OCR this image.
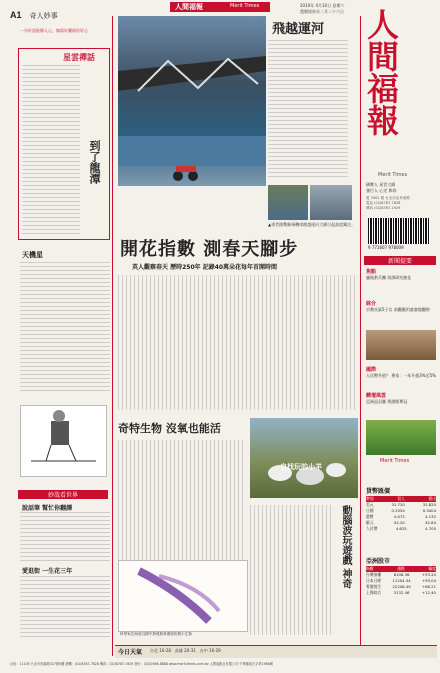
A1 奇人妙事
2010年 4月10日 星期六
農曆庚寅年二月二十六日
人間福報	Merit Times
一句好話能勝人心，無需好藥卻治好心
星雲禪話
到了龍潭
天機星
妙哉看世界
說話筆 幫忙你翻譯
愛逛街 一生花三年
飛越運河
▲勇者挑戰騎乘機車跳越運河大橋引起高度關注。
人間福報
Merit Times
刷牌人 星雲大師
發行人 心定 和尚
電 3401 號 台北市忠孝東路
電話 (02)8787-7828
傳真 (02)8787-1929
9 771607 978009
開花指數 測春天腳步
英人觀察春天 歷時250年 記錄40萬朵花每年首開時間
新聞提要
焦點
盧瓶救兵團 培訓研究進化
綜合
宗教社區5子女 前觀應用童童地觀察
國際
人民幣升值？ 專家：一年升值3%至5%
體壇風雲
亞洲盃羽賽 香港隊奪冠
Merit Times
貨幣匯價
幣別	買入	賣出
美元	31.720	31.820
日圓	0.3354	0.3404
港幣	4.072	4.132
歐元	42.20	42.84
人民幣	4.625	4.705
亞洲股市
指數	漲跌	幅度
台灣加權	8108.36	+53.24
日本日經	11204.34	+93.04
香港恆生	22208.49	+68.21
上海綜合	3132.46	+12.40
奇特生物 沒氧也能活
自找玩的小羊
動腦波玩遊戲 神奇
科學家在海底沉積中發現無氧環境的微小生物
今日天氣 台北 16-28　高雄 20-31　台中 16-29
社址：11105 台北市松隆路327號5樓 總機：(02)8787-7828 傳真：(02)8787-1929 發行：(02)2698-8888 www.merit-times.com.tw 人間福報社有限公司 中華郵政台字第1968號
